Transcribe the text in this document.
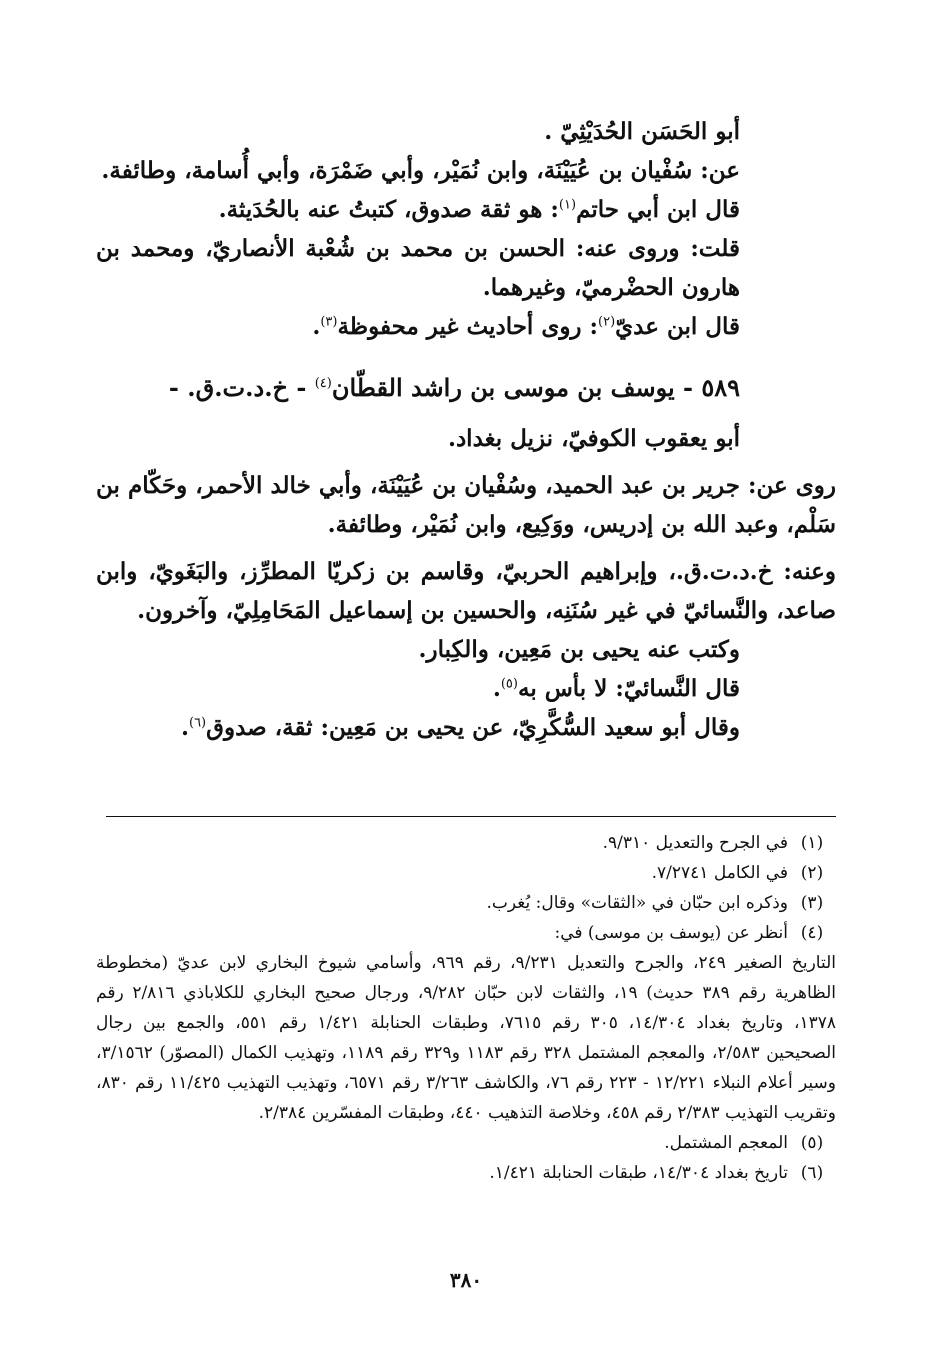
أبو الحَسَن الحُدَيْثِيّ .

عن: سُفْيان بن عُيَيْنَة، وابن نُمَيْر، وأبي ضَمْرَة، وأبي أُسامة، وطائفة.

قال ابن أبي حاتم$^{(١)}$: هو ثقة صدوق، كتبتُ عنه بالحُدَيثة.

قلت: وروى عنه: الحسن بن محمد بن شُعْبة الأنصاريّ، ومحمد بن هارون الحضْرميّ، وغيرهما.

قال ابن عديّ$^{(٢)}$: روى أحاديث غير محفوظة$^{(٣)}$.

٥٨٩ - يوسف بن موسى بن راشد القطّان$^{(٤)}$ - خ.د.ت.ق. -

أبو يعقوب الكوفيّ، نزيل بغداد.

روى عن: جرير بن عبد الحميد، وسُفْيان بن عُيَيْنَة، وأبي خالد الأحمر، وحَكّام بن سَلْم، وعبد الله بن إدريس، ووَكِيع، وابن نُمَيْر، وطائفة.

وعنه: خ.د.ت.ق.، وإبراهيم الحربيّ، وقاسم بن زكريّا المطرِّز، والبَغَويّ، وابن صاعد، والنَّسائيّ في غير سُنَنِه، والحسين بن إسماعيل المَحَامِلِيّ، وآخرون.

وكتب عنه يحيى بن مَعِين، والكِبار.

قال النَّسائيّ: لا بأس به$^{(٥)}$.

وقال أبو سعيد السُّكَّرِيّ، عن يحيى بن مَعِين: ثقة، صدوق$^{(٦)}$.

(١)
في الجرح والتعديل ٩/٣١٠.
(٢)
في الكامل ٧/٢٧٤١.
(٣)
وذكره ابن حبّان في «الثقات» وقال: يُغرب.
(٤)
أنظر عن (يوسف بن موسى) في:

التاريخ الصغير ٢٤٩، والجرح والتعديل ٩/٢٣١، رقم ٩٦٩، وأسامي شيوخ البخاري لابن عديّ (مخطوطة الظاهرية رقم ٣٨٩ حديث) ١٩، والثقات لابن حبّان ٩/٢٨٢، ورجال صحيح البخاري للكلاباذي ٢/٨١٦ رقم ١٣٧٨، وتاريخ بغداد ١٤/٣٠٤، ٣٠٥ رقم ٧٦١٥، وطبقات الحنابلة ١/٤٢١ رقم ٥٥١، والجمع بين رجال الصحيحين ٢/٥٨٣، والمعجم المشتمل ٣٢٨ رقم ١١٨٣ و٣٢٩ رقم ١١٨٩، وتهذيب الكمال (المصوّر) ٣/١٥٦٢، وسير أعلام النبلاء ١٢/٢٢١ - ٢٢٣ رقم ٧٦، والكاشف ٣/٢٦٣ رقم ٦٥٧١، وتهذيب التهذيب ١١/٤٢٥ رقم ٨٣٠، وتقريب التهذيب ٢/٣٨٣ رقم ٤٥٨، وخلاصة التذهيب ٤٤٠، وطبقات المفسّرين ٢/٣٨٤.

(٥)
المعجم المشتمل.
(٦)
تاريخ بغداد ١٤/٣٠٤، طبقات الحنابلة ١/٤٢١.
٣٨٠
